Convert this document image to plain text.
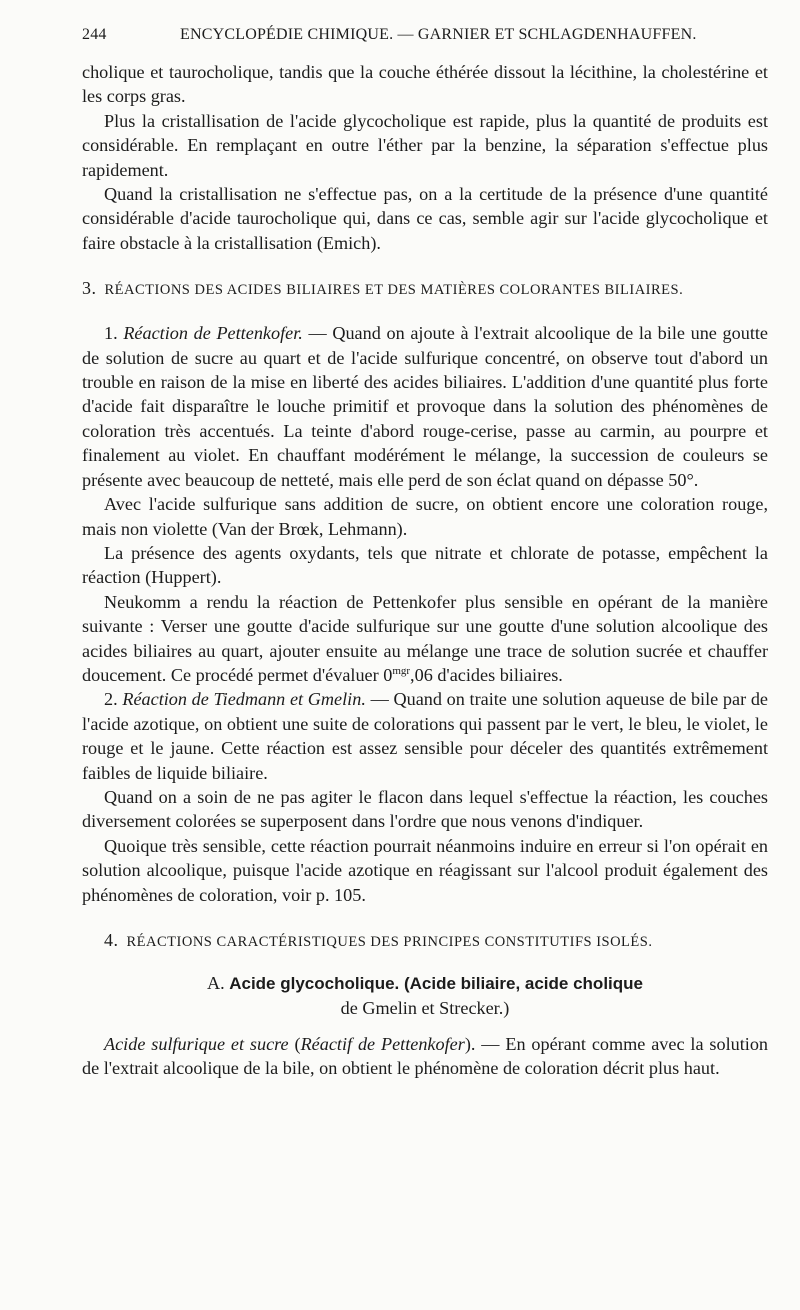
244	ENCYCLOPÉDIE CHIMIQUE. — GARNIER ET SCHLAGDENHAUFFEN.

cholique et taurocholique, tandis que la couche éthérée dissout la lécithine, la cholestérine et les corps gras.

Plus la cristallisation de l'acide glycocholique est rapide, plus la quantité de produits est considérable. En remplaçant en outre l'éther par la benzine, la séparation s'effectue plus rapidement.

Quand la cristallisation ne s'effectue pas, on a la certitude de la présence d'une quantité considérable d'acide taurocholique qui, dans ce cas, semble agir sur l'acide glycocholique et faire obstacle à la cristallisation (Emich).

3. RÉACTIONS DES ACIDES BILIAIRES ET DES MATIÈRES COLORANTES BILIAIRES.

1. Réaction de Pettenkofer. — Quand on ajoute à l'extrait alcoolique de la bile une goutte de solution de sucre au quart et de l'acide sulfurique concentré, on observe tout d'abord un trouble en raison de la mise en liberté des acides biliaires. L'addition d'une quantité plus forte d'acide fait disparaître le louche primitif et provoque dans la solution des phénomènes de coloration très accentués. La teinte d'abord rouge-cerise, passe au carmin, au pourpre et finalement au violet. En chauffant modérément le mélange, la succession de couleurs se présente avec beaucoup de netteté, mais elle perd de son éclat quand on dépasse 50°.

Avec l'acide sulfurique sans addition de sucre, on obtient encore une coloration rouge, mais non violette (Van der Brœk, Lehmann).

La présence des agents oxydants, tels que nitrate et chlorate de potasse, empêchent la réaction (Huppert).

Neukomm a rendu la réaction de Pettenkofer plus sensible en opérant de la manière suivante : Verser une goutte d'acide sulfurique sur une goutte d'une solution alcoolique des acides biliaires au quart, ajouter ensuite au mélange une trace de solution sucrée et chauffer doucement. Ce procédé permet d'évaluer $0^{mgr},06$ d'acides biliaires.

2. Réaction de Tiedmann et Gmelin. — Quand on traite une solution aqueuse de bile par de l'acide azotique, on obtient une suite de colorations qui passent par le vert, le bleu, le violet, le rouge et le jaune. Cette réaction est assez sensible pour déceler des quantités extrêmement faibles de liquide biliaire.

Quand on a soin de ne pas agiter le flacon dans lequel s'effectue la réaction, les couches diversement colorées se superposent dans l'ordre que nous venons d'indiquer.

Quoique très sensible, cette réaction pourrait néanmoins induire en erreur si l'on opérait en solution alcoolique, puisque l'acide azotique en réagissant sur l'alcool produit également des phénomènes de coloration, voir p. 105.

4. RÉACTIONS CARACTÉRISTIQUES DES PRINCIPES CONSTITUTIFS ISOLÉS.
A. Acide glycocholique. (Acide biliaire, acide cholique
de Gmelin et Strecker.)

Acide sulfurique et sucre (Réactif de Pettenkofer). — En opérant comme avec la solution de l'extrait alcoolique de la bile, on obtient le phénomène de coloration décrit plus haut.
